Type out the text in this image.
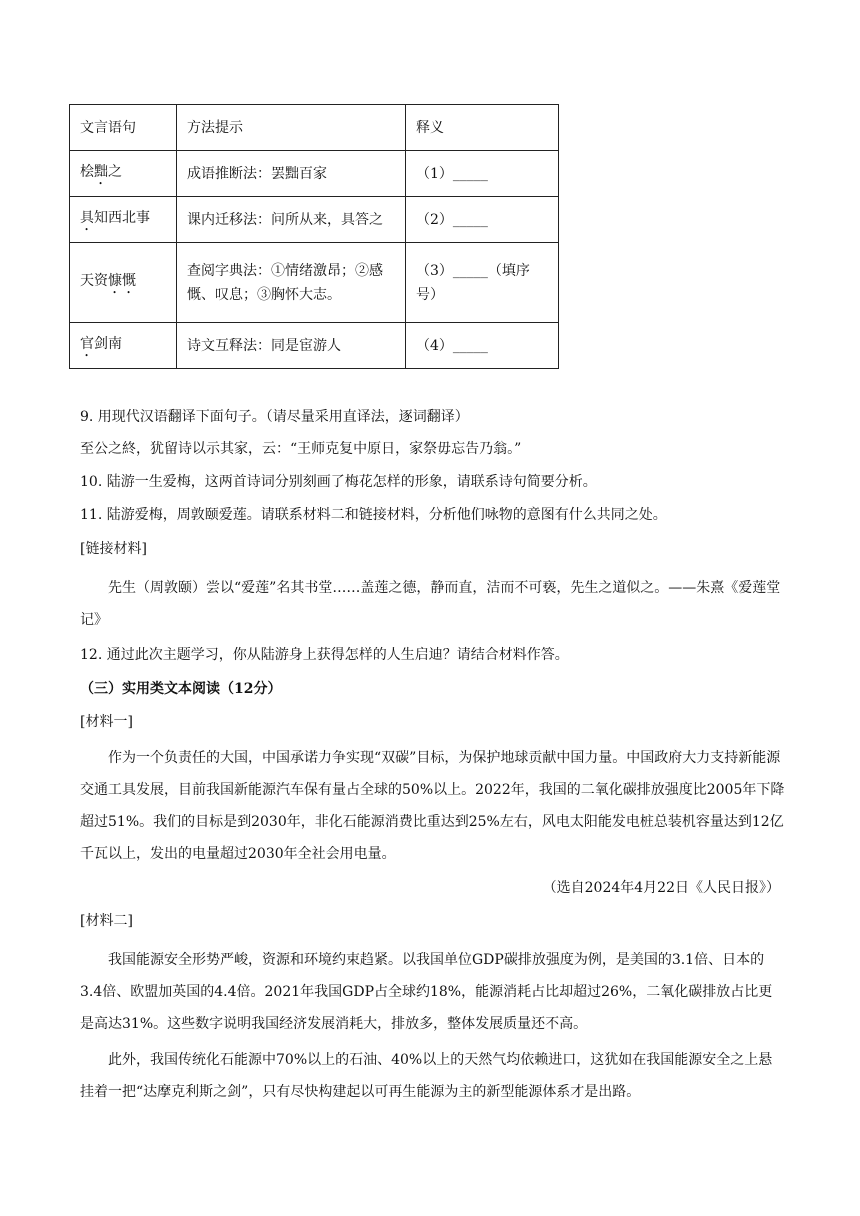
文言语句	方法提示	释义
桧黜之	成语推断法：罢黜百家	（1）_____
具知西北事	课内迁移法：问所从来，具答之	（2）_____
天资慷慨	查阅字典法：①情绪激昂；②感慨、叹息；③胸怀大志。	（3）_____（填序号）
官剑南	诗文互释法：同是宦游人	（4）_____
9. 用现代汉语翻译下面句子。（请尽量采用直译法，逐词翻译）
至公之終，犹留诗以示其家，云：“王师克复中原日，家祭毋忘告乃翁。”
10. 陆游一生爱梅，这两首诗词分别刻画了梅花怎样的形象，请联系诗句简要分析。
11. 陆游爱梅，周敦颐爱莲。请联系材料二和链接材料，分析他们咏物的意图有什么共同之处。
[链接材料]
先生（周敦颐）尝以“爱莲”名其书堂……盖莲之德，静而直，洁而不可亵，先生之道似之。——朱熹《爱莲堂记》
12. 通过此次主题学习，你从陆游身上获得怎样的人生启迪？请结合材料作答。
（三）实用类文本阅读（12分）
[材料一]
作为一个负责任的大国，中国承诺力争实现“双碳”目标，为保护地球贡献中国力量。中国政府大力支持新能源交通工具发展，目前我国新能源汽车保有量占全球的50%以上。2022年，我国的二氧化碳排放强度比2005年下降超过51%。我们的目标是到2030年，非化石能源消费比重达到25%左右，风电太阳能发电桩总装机容量达到12亿千瓦以上，发出的电量超过2030年全社会用电量。
（选自2024年4月22日《人民日报》）
[材料二]
我国能源安全形势严峻，资源和环境约束趋紧。以我国单位GDP碳排放强度为例，是美国的3.1倍、日本的3.4倍、欧盟加英国的4.4倍。2021年我国GDP占全球约18%，能源消耗占比却超过26%，二氧化碳排放占比更是高达31%。这些数字说明我国经济发展消耗大，排放多，整体发展质量还不高。
此外，我国传统化石能源中70%以上的石油、40%以上的天然气均依赖进口，这犹如在我国能源安全之上悬挂着一把“达摩克利斯之剑”，只有尽快构建起以可再生能源为主的新型能源体系才是出路。
